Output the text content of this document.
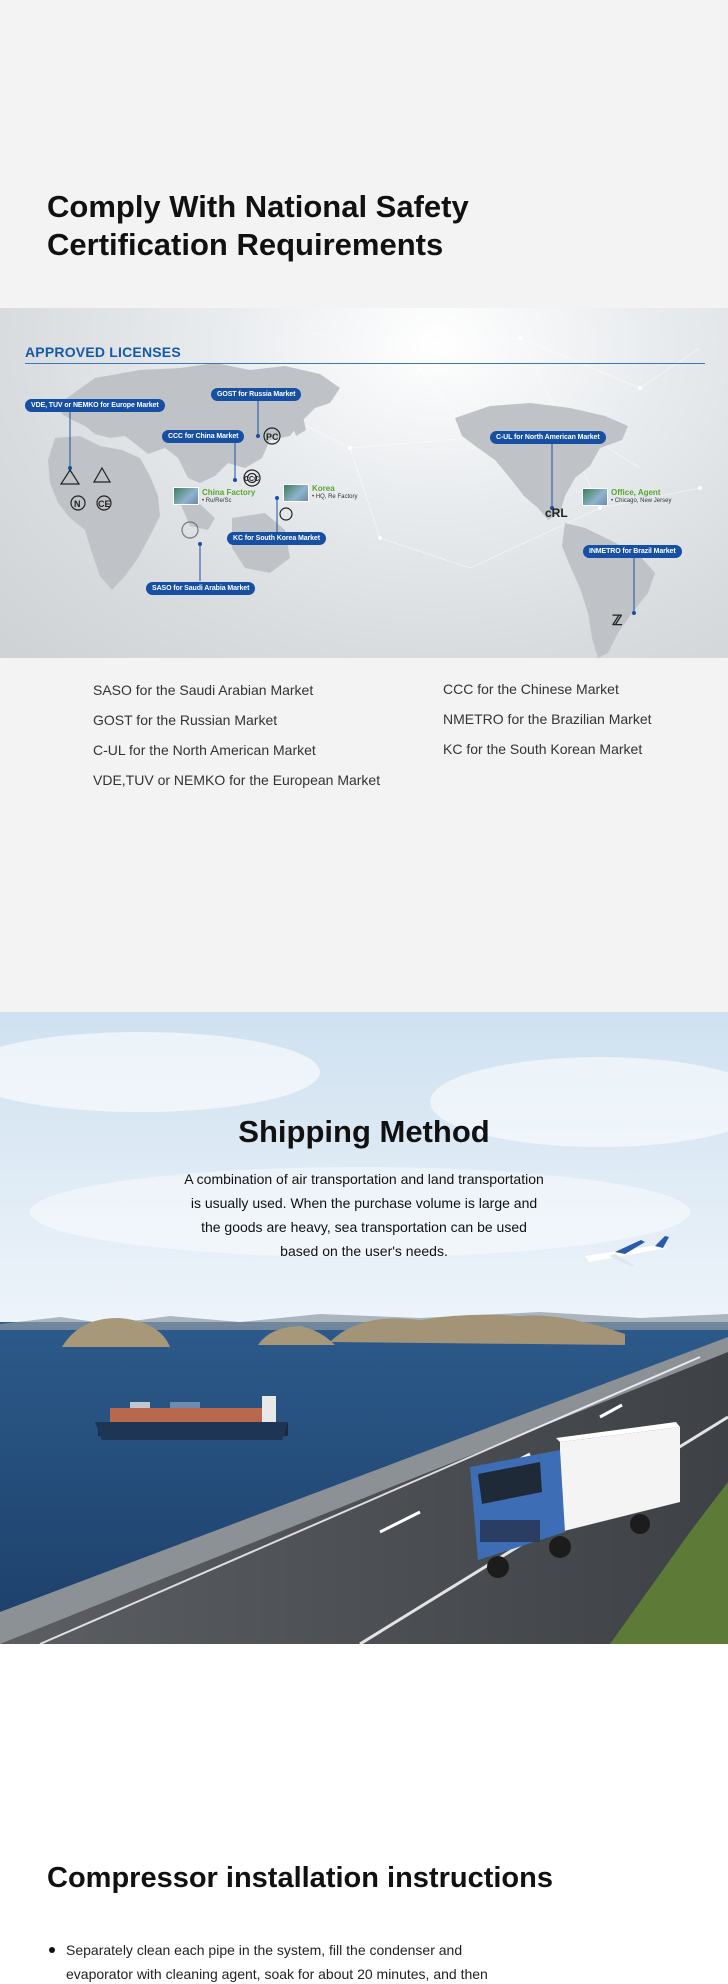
Comply With National Safety Certification Requirements
N CE
PC
CCC
cRL
ℤ
APPROVED LICENSES
VDE, TUV or NEMKO for Europe Market
GOST for Russia Market
CCC for China Market
KC for South Korea Market
SASO for Saudi Arabia Market
C-UL for North American Market
INMETRO for Brazil Market
China Factory
• Ru/Re/Sc
Korea
• HQ, Re Factory	Office, Agent
• Chicago, New Jersey
SASO for the Saudi Arabian Market
GOST for the Russian Market
C-UL for the North American Market
VDE,TUV or NEMKO for the European Market
CCC for the Chinese Market
NMETRO for the Brazilian Market
KC for the South Korean Market
Shipping Method

A combination of air transportation and land transportation is usually used. When the purchase volume is large and the goods are heavy, sea transportation can be used based on the user's needs.

Compressor installation instructions
Separately clean each pipe in the system, fill the condenser and evaporator with cleaning agent, soak for about 20 minutes, and then
